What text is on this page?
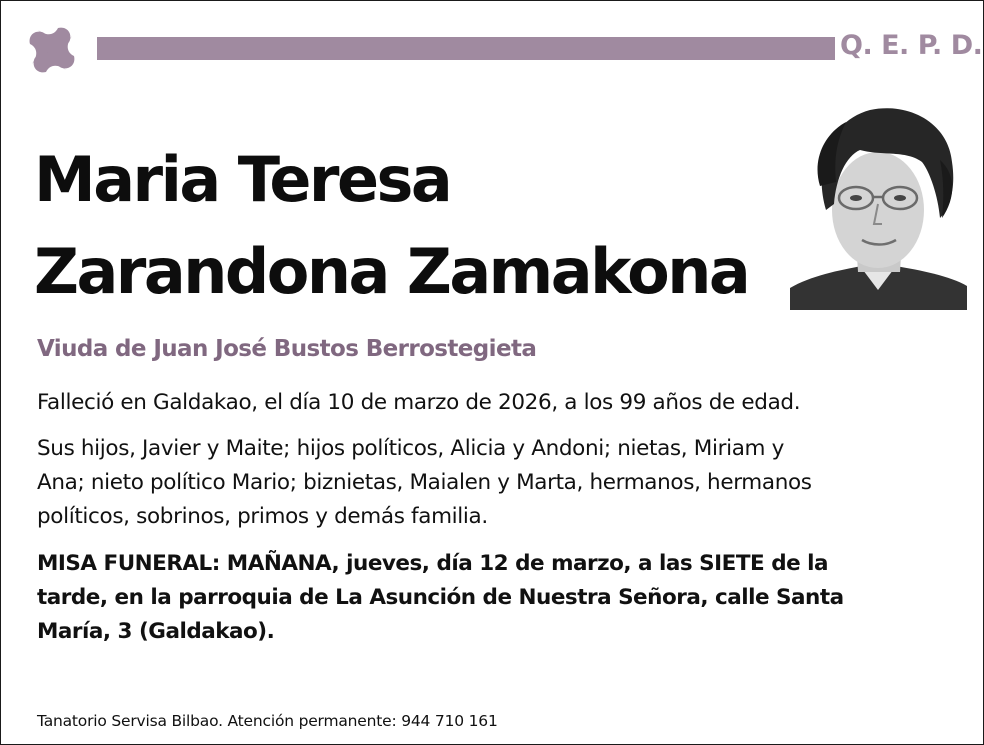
Q. E. P. D.
Maria Teresa
Zarandona Zamakona
Viuda de Juan José Bustos Berrostegieta
Falleció en Galdakao, el día 10 de marzo de 2026, a los 99 años de edad.
Sus hijos, Javier y Maite; hijos políticos, Alicia y Andoni; nietas, Miriam y
Ana; nieto político Mario; biznietas, Maialen y Marta, hermanos, hermanos
políticos, sobrinos, primos y demás familia.
MISA FUNERAL: MAÑANA, jueves, día 12 de marzo, a las SIETE de la
tarde, en la parroquia de La Asunción de Nuestra Señora, calle Santa
María, 3 (Galdakao).
Tanatorio Servisa Bilbao. Atención permanente: 944 710 161
